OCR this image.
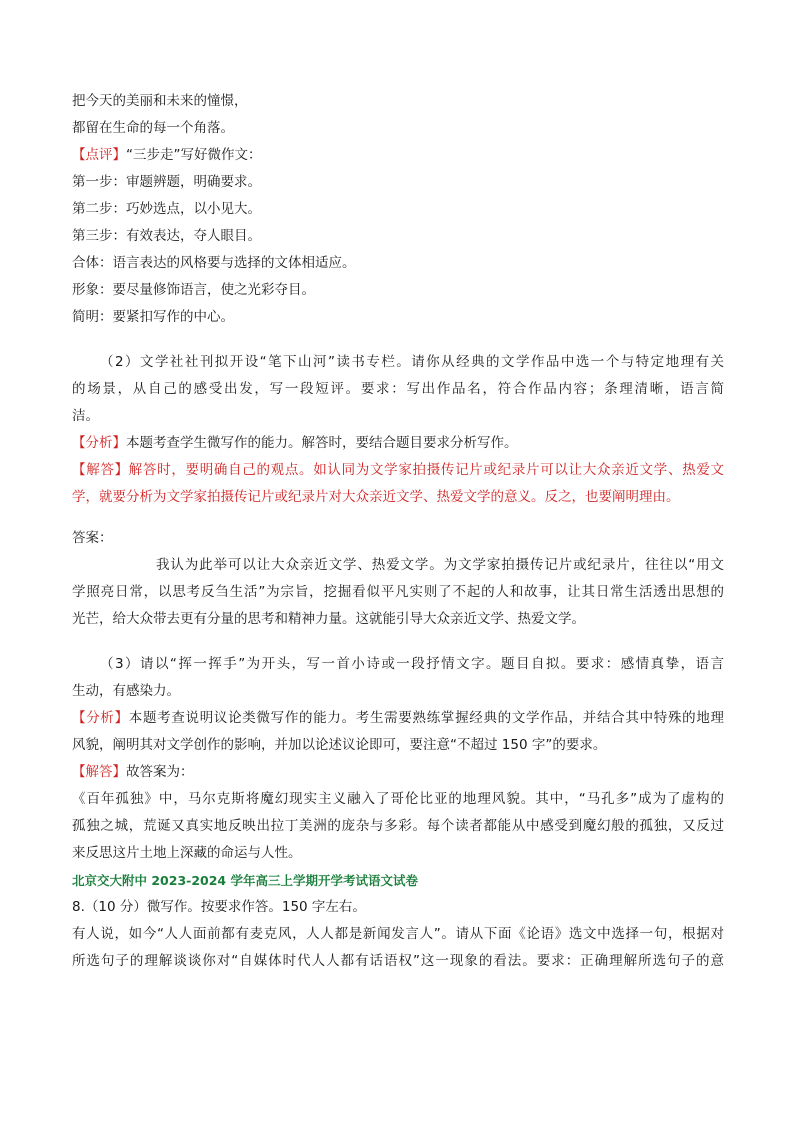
把今天的美丽和未来的憧憬，
都留在生命的每一个角落。
【点评】“三步走”写好微作文：
第一步：审题辨题，明确要求。
第二步：巧妙选点，以小见大。
第三步：有效表达，夺人眼目。
合体：语言表达的风格要与选择的文体相适应。
形象：要尽量修饰语言，使之光彩夺目。
简明：要紧扣写作的中心。
（2）文学社社刊拟开设“笔下山河”读书专栏。请你从经典的文学作品中选一个与特定地理有关
的场景，从自己的感受出发，写一段短评。要求：写出作品名，符合作品内容；条理清晰，语言简
洁。
【分析】本题考查学生微写作的能力。解答时，要结合题目要求分析写作。
【解答】解答时，要明确自己的观点。如认同为文学家拍摄传记片或纪录片可以让大众亲近文学、热爱文
学，就要分析为文学家拍摄传记片或纪录片对大众亲近文学、热爱文学的意义。反之，也要阐明理由。
答案：
我认为此举可以让大众亲近文学、热爱文学。为文学家拍摄传记片或纪录片，往往以“用文
学照亮日常，以思考反刍生活”为宗旨，挖掘看似平凡实则了不起的人和故事，让其日常生活透出思想的
光芒，给大众带去更有分量的思考和精神力量。这就能引导大众亲近文学、热爱文学。
（3）请以“挥一挥手”为开头，写一首小诗或一段抒情文字。题目自拟。要求：感情真挚，语言
生动，有感染力。
【分析】本题考查说明议论类微写作的能力。考生需要熟练掌握经典的文学作品，并结合其中特殊的地理
风貌，阐明其对文学创作的影响，并加以论述议论即可，要注意“不超过 150 字”的要求。
【解答】故答案为：
《百年孤独》中，马尔克斯将魔幻现实主义融入了哥伦比亚的地理风貌。其中，“马孔多”成为了虚构的
孤独之城，荒诞又真实地反映出拉丁美洲的庞杂与多彩。每个读者都能从中感受到魔幻般的孤独，又反过
来反思这片土地上深藏的命运与人性。
北京交大附中 2023-2024 学年高三上学期开学考试语文试卷
8.（10 分）微写作。按要求作答。150 字左右。
有人说，如今“人人面前都有麦克风，人人都是新闻发言人”。请从下面《论语》选文中选择一句，根据对
所选句子的理解谈谈你对“自媒体时代人人都有话语权”这一现象的看法。要求：正确理解所选句子的意
